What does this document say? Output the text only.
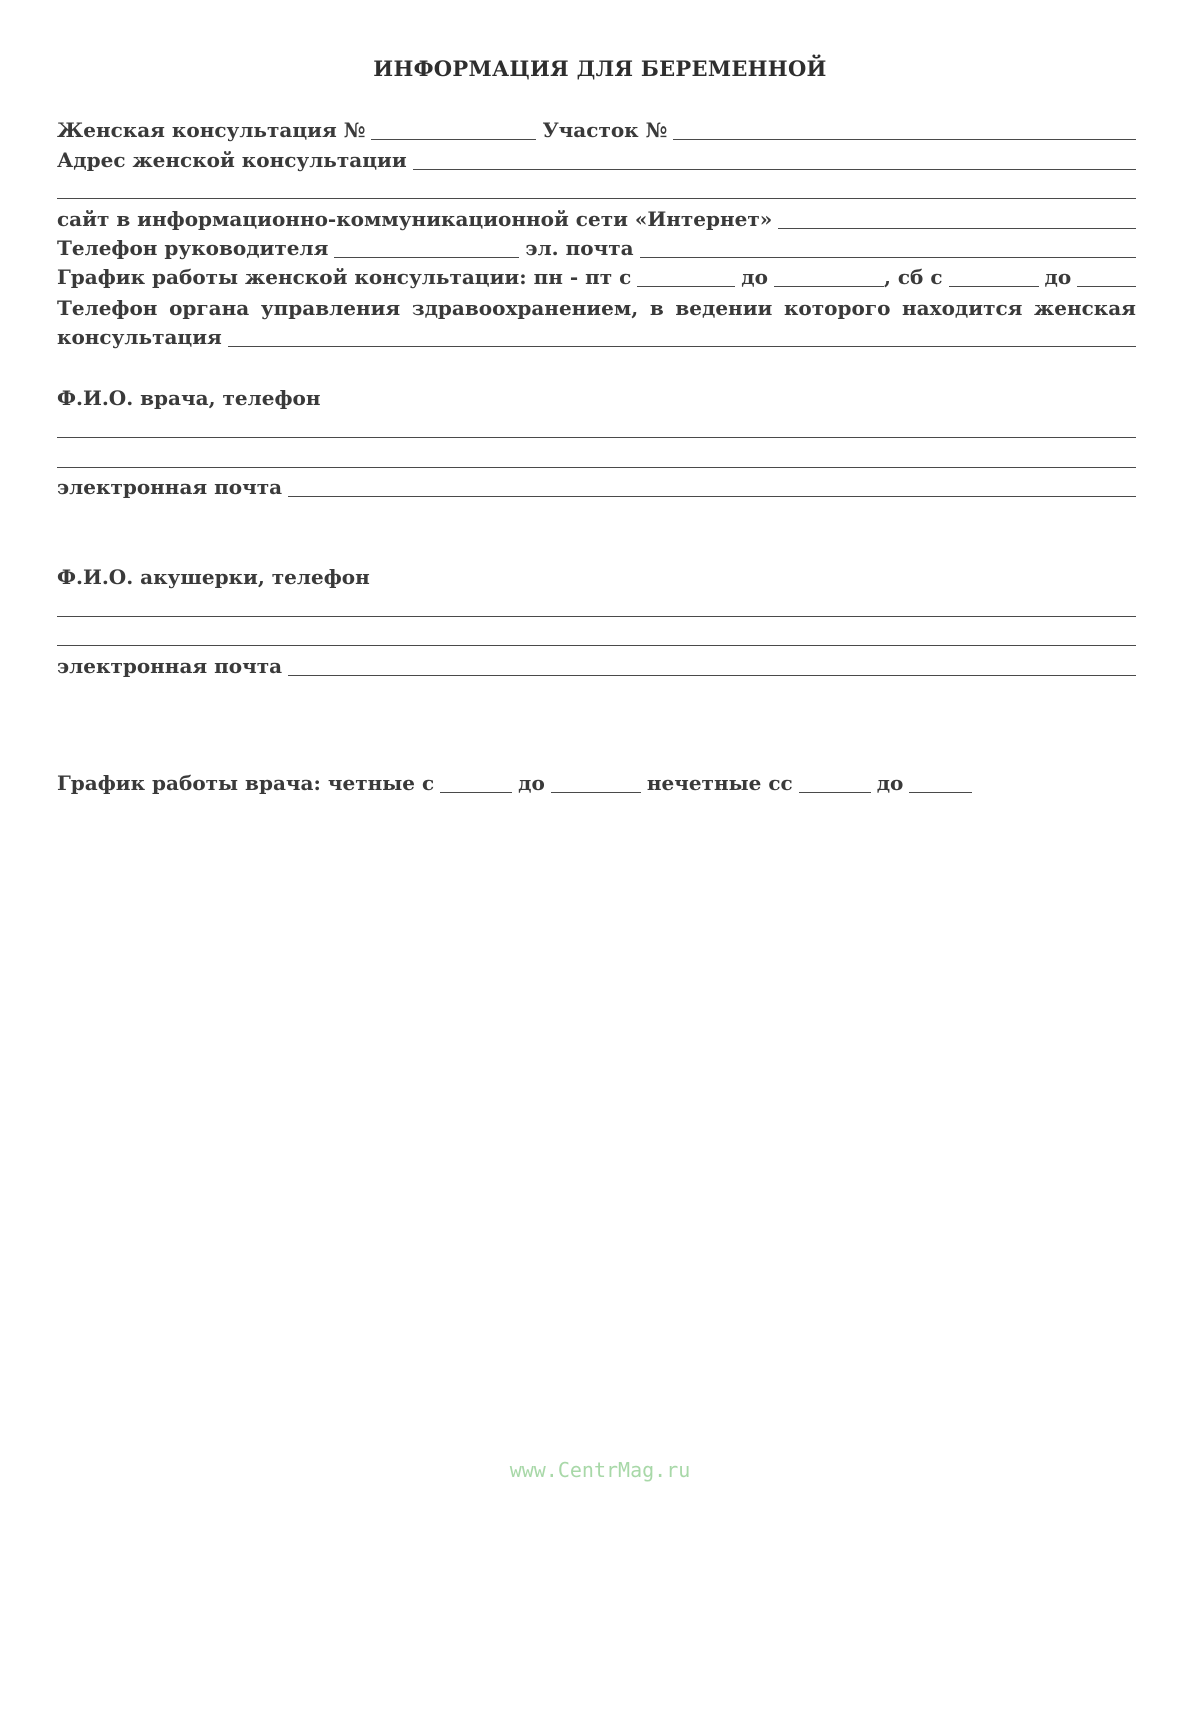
ИНФОРМАЦИЯ ДЛЯ БЕРЕМЕННОЙ
Женская консультация №	Участок №
Адрес женской консультации
сайт в информационно-коммуникационной сети «Интернет»
Телефон руководителя	эл. почта
График работы женской консультации: пн - пт с	до	, сб с	до
Телефон органа управления здравоохранением, в ведении которого находится женская
консультация
Ф.И.О. врача, телефон
электронная почта
Ф.И.О. акушерки, телефон
электронная почта
График работы врача: четные с	до	нечетные сс	до
www.CentrMag.ru
